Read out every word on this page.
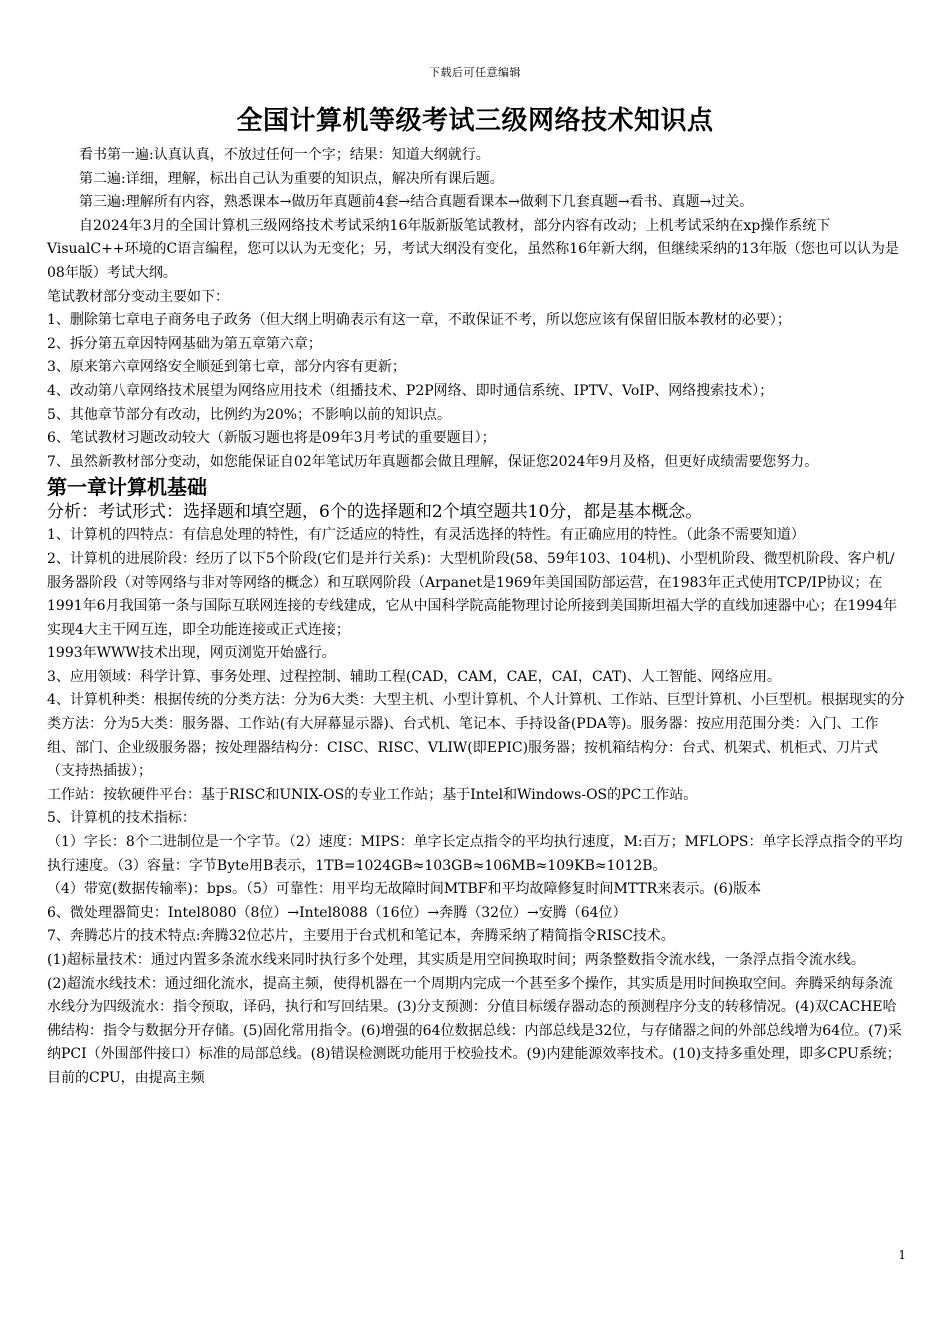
下载后可任意编辑
全国计算机等级考试三级网络技术知识点

看书第一遍:认真认真，不放过任何一个字；结果：知道大纲就行。

第二遍:详细，理解，标出自己认为重要的知识点，解决所有课后题。

第三遍:理解所有内容，熟悉课本→做历年真题前4套→结合真题看课本→做剩下几套真题→看书、真题→过关。

自2024年3月的全国计算机三级网络技术考试采纳16年版新版笔试教材，部分内容有改动；上机考试采纳在xp操作系统下VisualC++环境的C语言编程，您可以认为无变化；另，考试大纲没有变化，虽然称16年新大纲，但继续采纳的13年版（您也可以认为是08年版）考试大纲。

笔试教材部分变动主要如下：

1、删除第七章电子商务电子政务（但大纲上明确表示有这一章，不敢保证不考，所以您应该有保留旧版本教材的必要）；

2、拆分第五章因特网基础为第五章第六章；

3、原来第六章网络安全顺延到第七章，部分内容有更新；

4、改动第八章网络技术展望为网络应用技术（组播技术、P2P网络、即时通信系统、IPTV、VoIP、网络搜索技术）；

5、其他章节部分有改动，比例约为20%；不影响以前的知识点。

6、笔试教材习题改动较大（新版习题也将是09年3月考试的重要题目）；

7、虽然新教材部分变动，如您能保证自02年笔试历年真题都会做且理解，保证您2024年9月及格，但更好成绩需要您努力。

第一章计算机基础

分析：考试形式：选择题和填空题，6个的选择题和2个填空题共10分，都是基本概念。

1、计算机的四特点：有信息处理的特性，有广泛适应的特性，有灵活选择的特性。有正确应用的特性。（此条不需要知道）

2、计算机的进展阶段：经历了以下5个阶段(它们是并行关系)：大型机阶段(58、59年103、104机)、小型机阶段、微型机阶段、客户机/服务器阶段（对等网络与非对等网络的概念）和互联网阶段（Arpanet是1969年美国国防部运营，在1983年正式使用TCP/IP协议；在1991年6月我国第一条与国际互联网连接的专线建成，它从中国科学院高能物理讨论所接到美国斯坦福大学的直线加速器中心；在1994年实现4大主干网互连，即全功能连接或正式连接；

1993年WWW技术出现，网页浏览开始盛行。

3、应用领域：科学计算、事务处理、过程控制、辅助工程(CAD，CAM，CAE，CAI，CAT)、人工智能、网络应用。

4、计算机种类：根据传统的分类方法：分为6大类：大型主机、小型计算机、个人计算机、工作站、巨型计算机、小巨型机。根据现实的分类方法：分为5大类：服务器、工作站(有大屏幕显示器)、台式机、笔记本、手持设备(PDA等)。服务器：按应用范围分类：入门、工作组、部门、企业级服务器；按处理器结构分：CISC、RISC、VLIW(即EPIC)服务器；按机箱结构分：台式、机架式、机柜式、刀片式（支持热插拔）；

工作站：按软硬件平台：基于RISC和UNIX-OS的专业工作站；基于Intel和Windows-OS的PC工作站。

5、计算机的技术指标：

（1）字长：8个二进制位是一个字节。（2）速度：MIPS：单字长定点指令的平均执行速度，M:百万；MFLOPS：单字长浮点指令的平均执行速度。（3）容量：字节Byte用B表示，1TB=1024GB≈103GB≈106MB≈109KB≈1012B。

（4）带宽(数据传输率)：bps。（5）可靠性：用平均无故障时间MTBF和平均故障修复时间MTTR来表示。(6)版本

6、微处理器简史：Intel8080（8位）→Intel8088（16位）→奔腾（32位）→安腾（64位）

7、奔腾芯片的技术特点:奔腾32位芯片，主要用于台式机和笔记本，奔腾采纳了精简指令RISC技术。

(1)超标量技术：通过内置多条流水线来同时执行多个处理，其实质是用空间换取时间；两条整数指令流水线，一条浮点指令流水线。

(2)超流水线技术：通过细化流水，提高主频，使得机器在一个周期内完成一个甚至多个操作，其实质是用时间换取空间。奔腾采纳每条流水线分为四级流水：指令预取，译码，执行和写回结果。(3)分支预测：分值目标缓存器动态的预测程序分支的转移情况。(4)双CACHE哈佛结构：指令与数据分开存储。(5)固化常用指令。(6)增强的64位数据总线：内部总线是32位，与存储器之间的外部总线增为64位。(7)采纳PCI（外围部件接口）标准的局部总线。(8)错误检测既功能用于校验技术。(9)内建能源效率技术。(10)支持多重处理，即多CPU系统；目前的CPU，由提高主频

1
